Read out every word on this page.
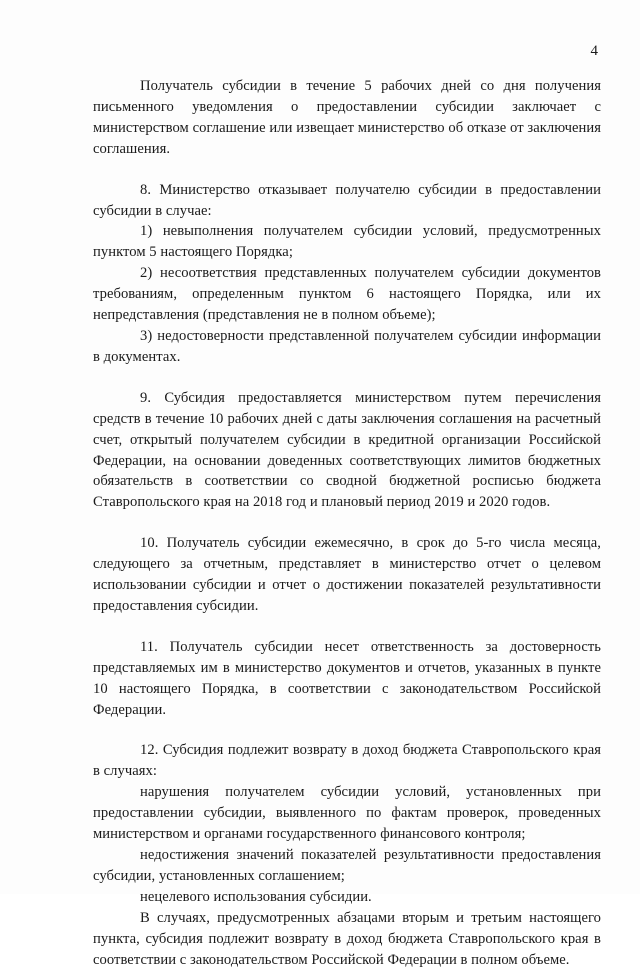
4

Получатель субсидии в течение 5 рабочих дней со дня получения письменного уведомления о предоставлении субсидии заключает с министерством соглашение или извещает министерство об отказе от заключения соглашения.

8. Министерство отказывает получателю субсидии в предоставлении субсидии в случае:

1) невыполнения получателем субсидии условий, предусмотренных пунктом 5 настоящего Порядка;

2) несоответствия представленных получателем субсидии документов требованиям, определенным пунктом 6 настоящего Порядка, или их непредставления (представления не в полном объеме);

3) недостоверности представленной получателем субсидии информации в документах.

9. Субсидия предоставляется министерством путем перечисления средств в течение 10 рабочих дней с даты заключения соглашения на расчетный счет, открытый получателем субсидии в кредитной организации Российской Федерации, на основании доведенных соответствующих лимитов бюджетных обязательств в соответствии со сводной бюджетной росписью бюджета Ставропольского края на 2018 год и плановый период 2019 и 2020 годов.

10. Получатель субсидии ежемесячно, в срок до 5-го числа месяца, следующего за отчетным, представляет в министерство отчет о целевом использовании субсидии и отчет о достижении показателей результативности предоставления субсидии.

11. Получатель субсидии несет ответственность за достоверность представляемых им в министерство документов и отчетов, указанных в пункте 10 настоящего Порядка, в соответствии с законодательством Российской Федерации.

12. Субсидия подлежит возврату в доход бюджета Ставропольского края в случаях:

нарушения получателем субсидии условий, установленных при предоставлении субсидии, выявленного по фактам проверок, проведенных министерством и органами государственного финансового контроля;

недостижения значений показателей результативности предоставления субсидии, установленных соглашением;

нецелевого использования субсидии.

В случаях, предусмотренных абзацами вторым и третьим настоящего пункта, субсидия подлежит возврату в доход бюджета Ставропольского края в соответствии с законодательством Российской Федерации в полном объеме.
